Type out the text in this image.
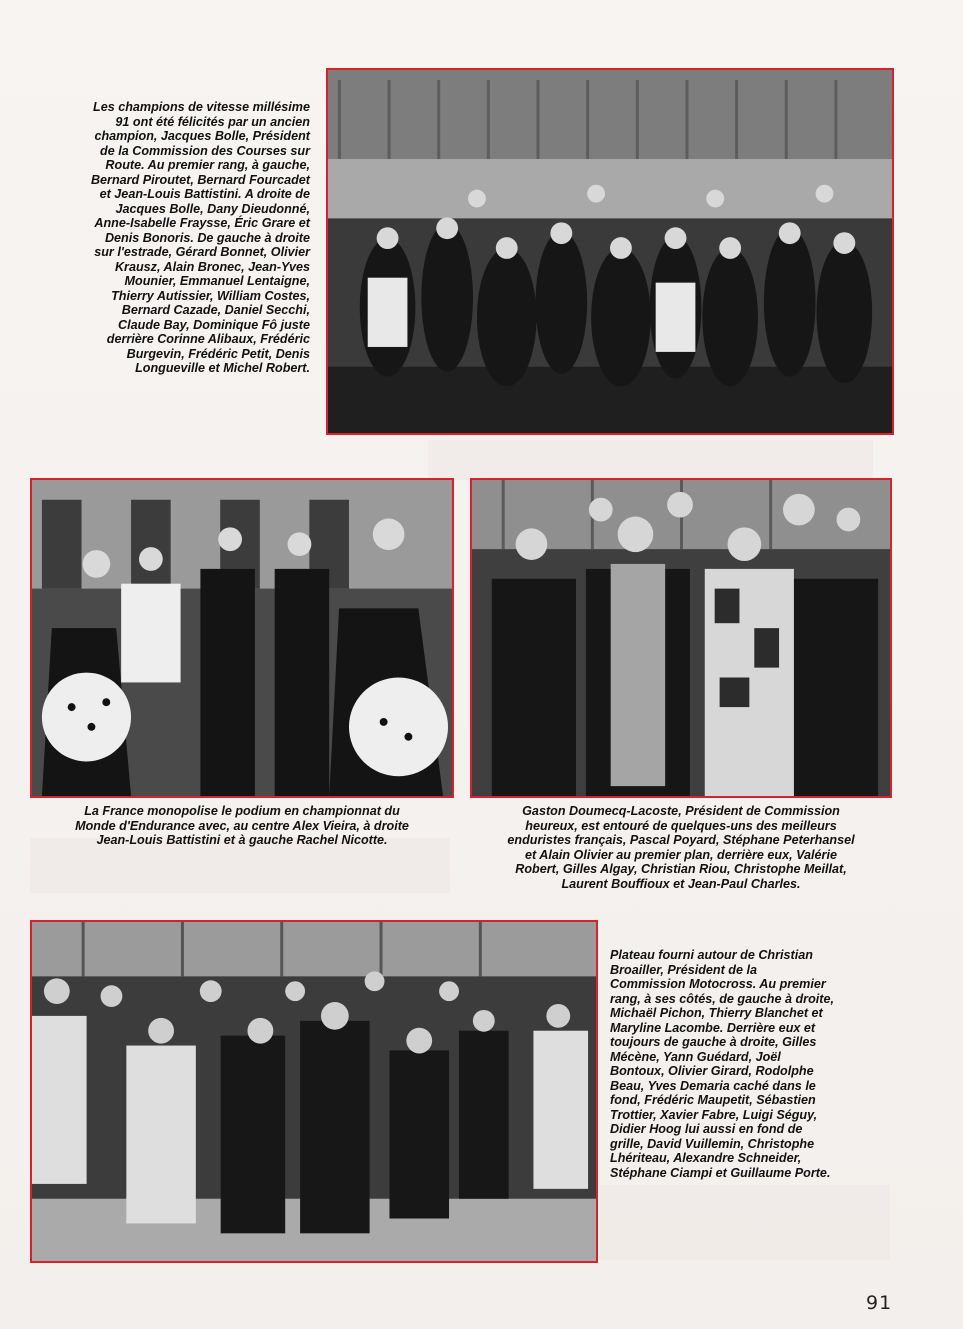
Les champions de vitesse millésime
91 ont été félicités par un ancien
champion, Jacques Bolle, Président
de la Commission des Courses sur
Route. Au premier rang, à gauche,
Bernard Piroutet, Bernard Fourcadet
et Jean-Louis Battistini. A droite de
Jacques Bolle, Dany Dieudonné,
Anne-Isabelle Fraysse, Éric Grare et
Denis Bonoris. De gauche à droite
sur l'estrade, Gérard Bonnet, Olivier
Krausz, Alain Bronec, Jean-Yves
Mounier, Emmanuel Lentaigne,
Thierry Autissier, William Costes,
Bernard Cazade, Daniel Secchi,
Claude Bay, Dominique Fô juste
derrière Corinne Alibaux, Frédéric
Burgevin, Frédéric Petit, Denis
Longueville et Michel Robert.

La France monopolise le podium en championnat du
Monde d'Endurance avec, au centre Alex Vieira, à droite
Jean-Louis Battistini et à gauche Rachel Nicotte.

Gaston Doumecq-Lacoste, Président de Commission
heureux, est entouré de quelques-uns des meilleurs
enduristes français, Pascal Poyard, Stéphane Peterhansel
et Alain Olivier au premier plan, derrière eux, Valérie
Robert, Gilles Algay, Christian Riou, Christophe Meillat,
Laurent Bouffioux et Jean-Paul Charles.

Plateau fourni autour de Christian
Broailler, Président de la
Commission Motocross. Au premier
rang, à ses côtés, de gauche à droite,
Michaël Pichon, Thierry Blanchet et
Maryline Lacombe. Derrière eux et
toujours de gauche à droite, Gilles
Mécène, Yann Guédard, Joël
Bontoux, Olivier Girard, Rodolphe
Beau, Yves Demaria caché dans le
fond, Frédéric Maupetit, Sébastien
Trottier, Xavier Fabre, Luigi Séguy,
Didier Hoog lui aussi en fond de
grille, David Vuillemin, Christophe
Lhériteau, Alexandre Schneider,
Stéphane Ciampi et Guillaume Porte.

91
